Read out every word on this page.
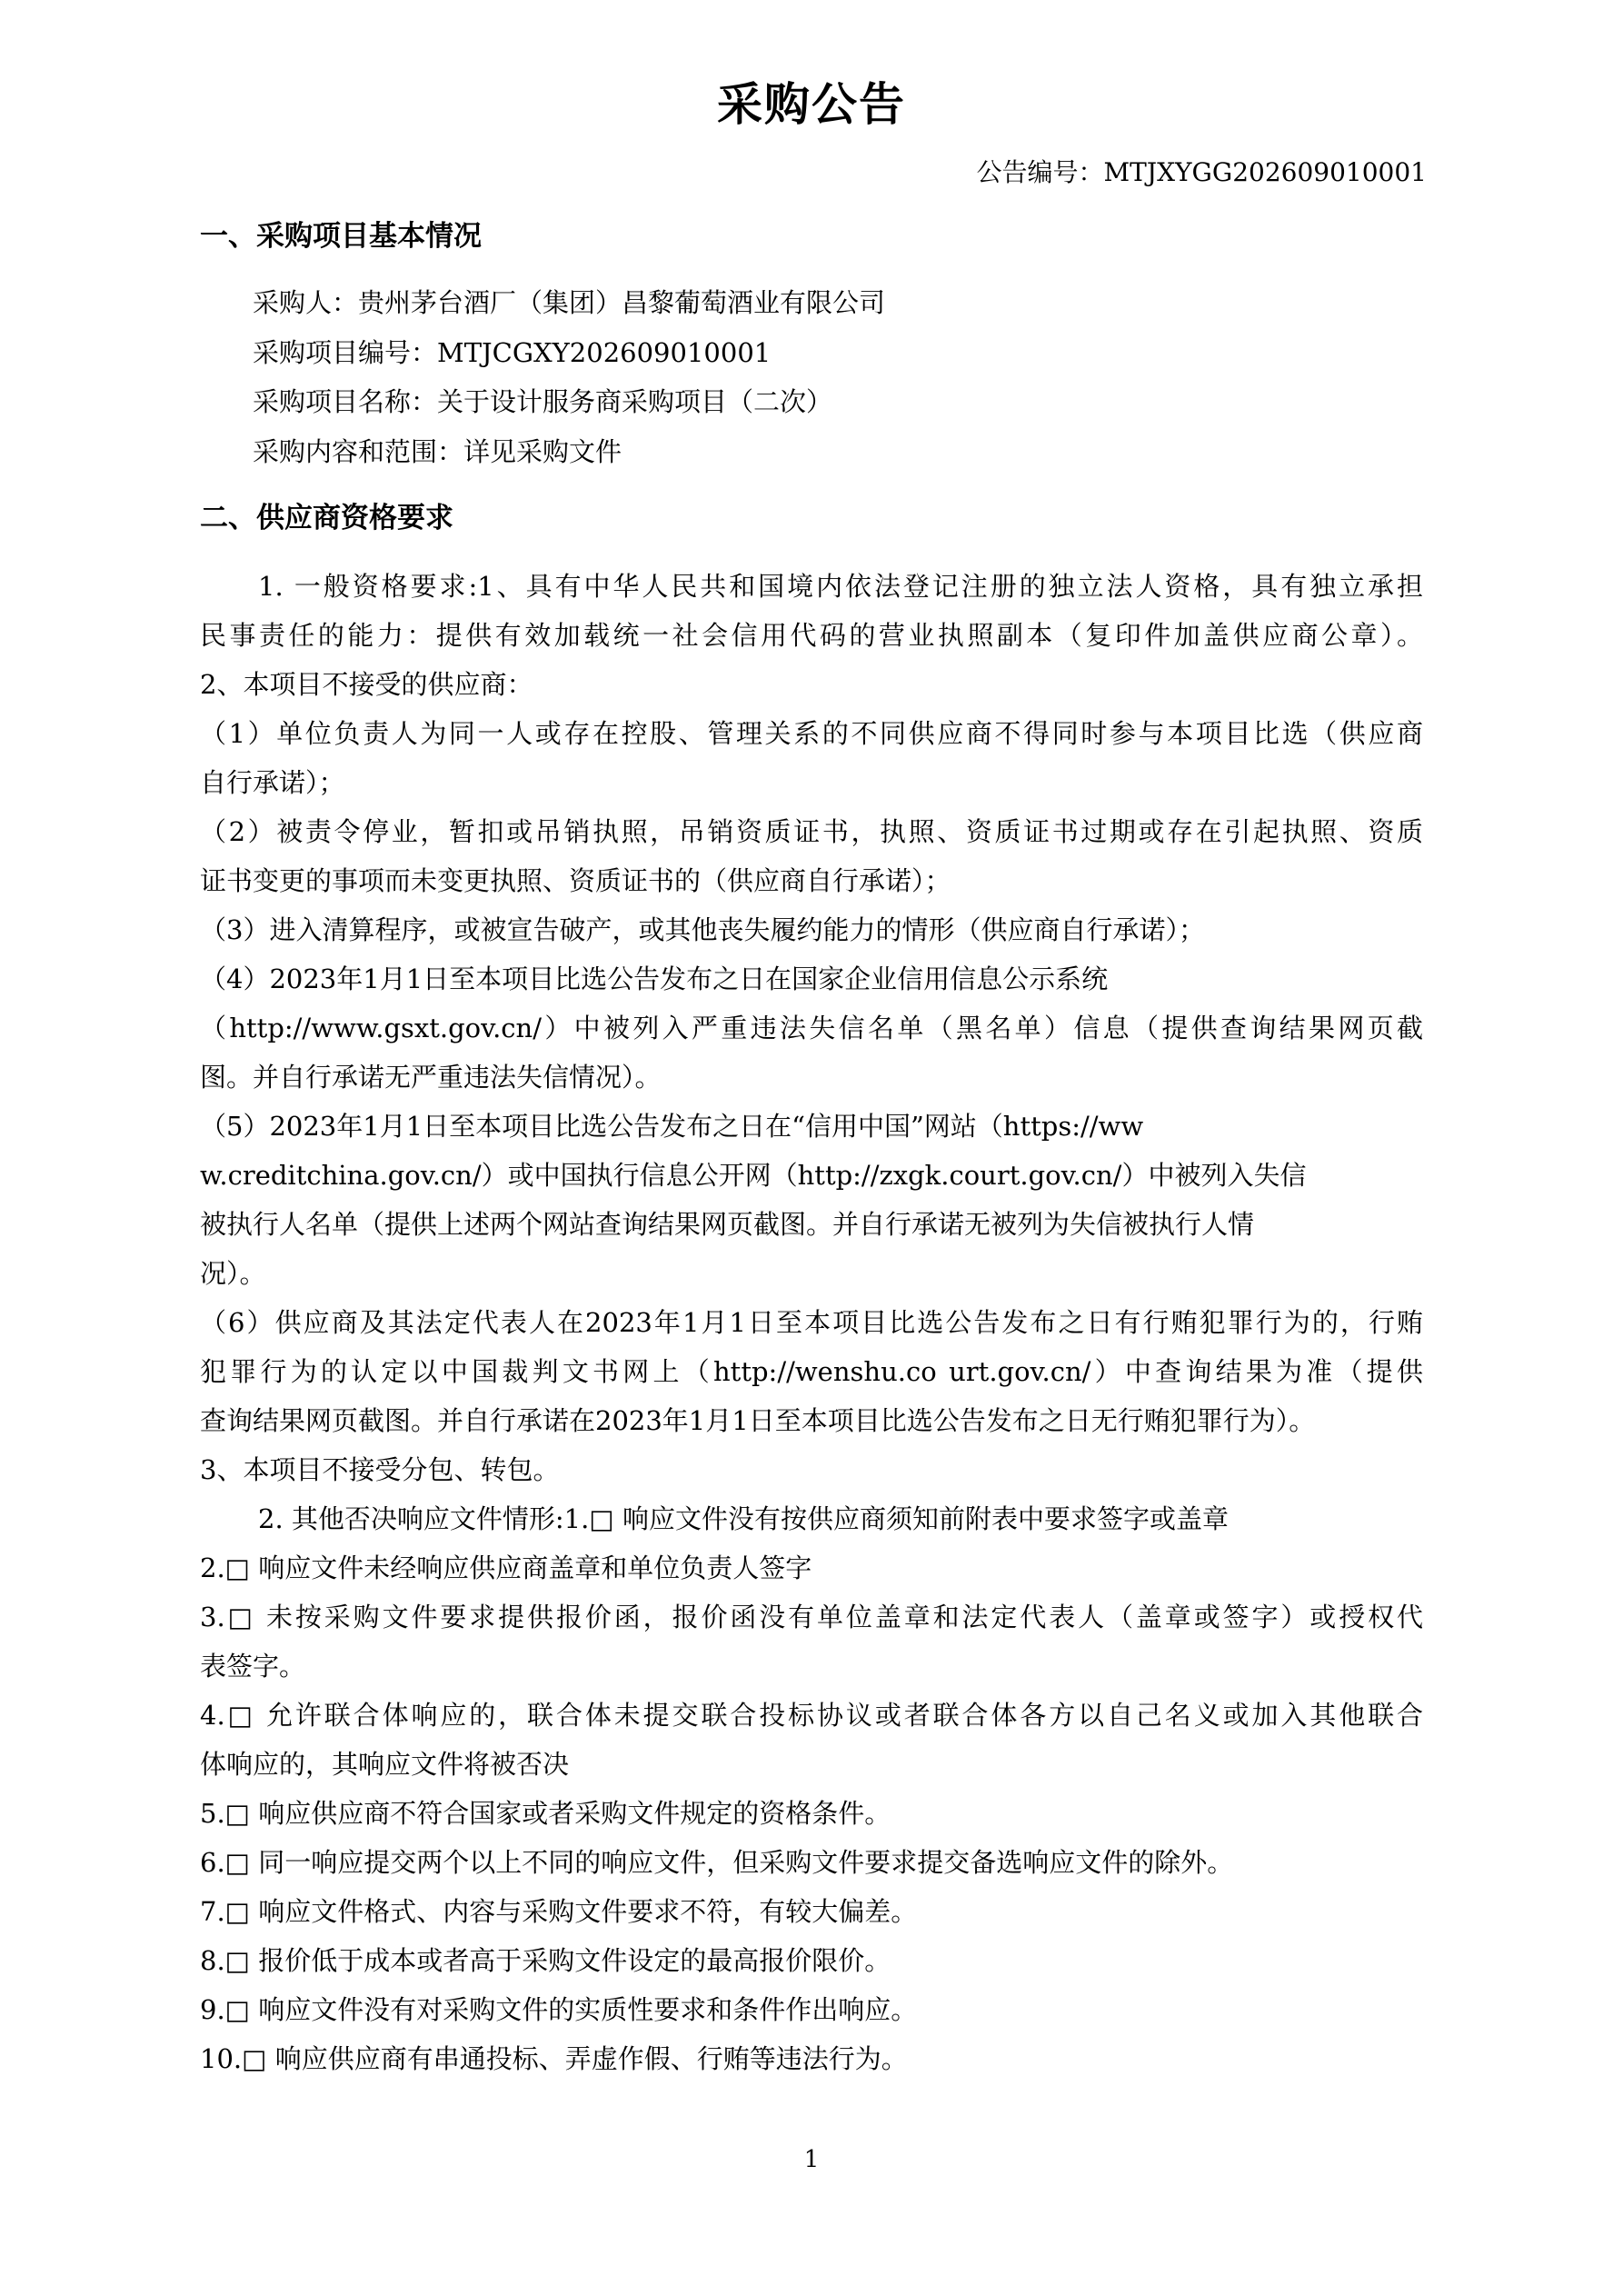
采购公告
公告编号：MTJXYGG202609010001
一、采购项目基本情况
采购人：贵州茅台酒厂（集团）昌黎葡萄酒业有限公司
采购项目编号：MTJCGXY202609010001
采购项目名称：关于设计服务商采购项目（二次）
采购内容和范围：详见采购文件
二、供应商资格要求
1. 一般资格要求:1、具有中华人民共和国境内依法登记注册的独立法人资格，具有独立承担
民事责任的能力：提供有效加载统一社会信用代码的营业执照副本（复印件加盖供应商公章）。
2、本项目不接受的供应商：
（1）单位负责人为同一人或存在控股、管理关系的不同供应商不得同时参与本项目比选（供应商
自行承诺）；
（2）被责令停业，暂扣或吊销执照，吊销资质证书，执照、资质证书过期或存在引起执照、资质
证书变更的事项而未变更执照、资质证书的（供应商自行承诺）；
（3）进入清算程序，或被宣告破产，或其他丧失履约能力的情形（供应商自行承诺）；
（4）2023年1月1日至本项目比选公告发布之日在国家企业信用信息公示系统
（http://www.gsxt.gov.cn/）中被列入严重违法失信名单（黑名单）信息（提供查询结果网页截
图。并自行承诺无严重违法失信情况）。
（5）2023年1月1日至本项目比选公告发布之日在“信用中国”网站（https://ww
w.creditchina.gov.cn/）或中国执行信息公开网（http://zxgk.court.gov.cn/）中被列入失信
被执行人名单（提供上述两个网站查询结果网页截图。并自行承诺无被列为失信被执行人情
况）。
（6）供应商及其法定代表人在2023年1月1日至本项目比选公告发布之日有行贿犯罪行为的，行贿
犯罪行为的认定以中国裁判文书网上（http://wenshu.co urt.gov.cn/）中查询结果为准（提供
查询结果网页截图。并自行承诺在2023年1月1日至本项目比选公告发布之日无行贿犯罪行为）。
3、本项目不接受分包、转包。
2. 其他否决响应文件情形:1.□ 响应文件没有按供应商须知前附表中要求签字或盖章
2.□ 响应文件未经响应供应商盖章和单位负责人签字
3.□ 未按采购文件要求提供报价函，报价函没有单位盖章和法定代表人（盖章或签字）或授权代
表签字。
4.□ 允许联合体响应的，联合体未提交联合投标协议或者联合体各方以自己名义或加入其他联合
体响应的，其响应文件将被否决
5.□ 响应供应商不符合国家或者采购文件规定的资格条件。
6.□ 同一响应提交两个以上不同的响应文件，但采购文件要求提交备选响应文件的除外。
7.□ 响应文件格式、内容与采购文件要求不符，有较大偏差。
8.□ 报价低于成本或者高于采购文件设定的最高报价限价。
9.□ 响应文件没有对采购文件的实质性要求和条件作出响应。
10.□ 响应供应商有串通投标、弄虚作假、行贿等违法行为。
1
